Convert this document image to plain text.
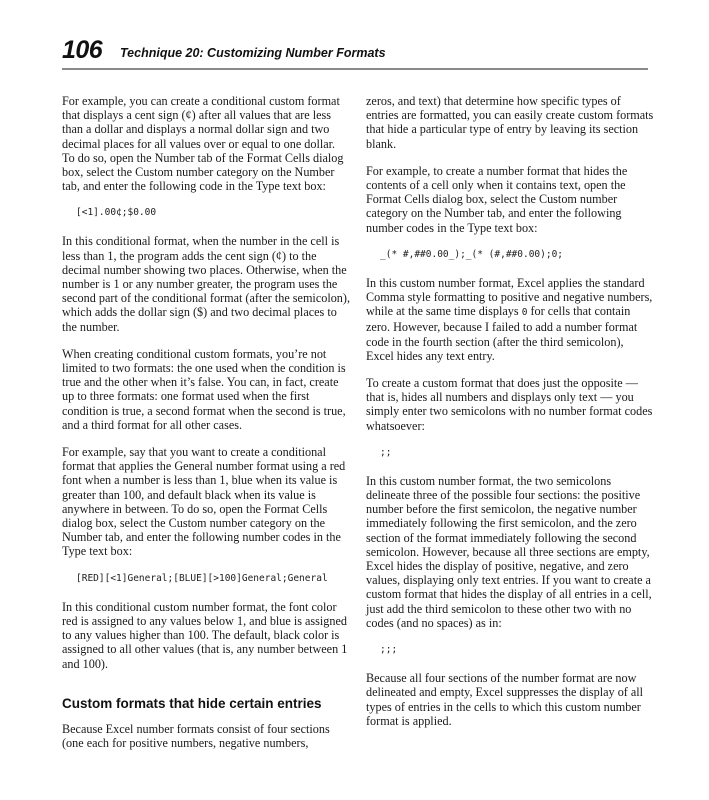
106 Technique 20: Customizing Number Formats

For example, you can create a conditional custom format that displays a cent sign (¢) after all values that are less than a dollar and displays a normal dollar sign and two decimal places for all values over or equal to one dollar. To do so, open the Number tab of the Format Cells dialog box, select the Custom number category on the Number tab, and enter the following code in the Type text box:

[<1].00¢;$0.00

In this conditional format, when the number in the cell is less than 1, the program adds the cent sign (¢) to the decimal number showing two places. Otherwise, when the number is 1 or any number greater, the program uses the second part of the conditional format (after the semicolon), which adds the dollar sign ($) and two decimal places to the number.

When creating conditional custom formats, you’re not limited to two formats: the one used when the condition is true and the other when it’s false. You can, in fact, create up to three formats: one format used when the first condition is true, a second format when the second is true, and a third format for all other cases.

For example, say that you want to create a conditional format that applies the General number format using a red font when a number is less than 1, blue when its value is greater than 100, and default black when its value is anywhere in between. To do so, open the Format Cells dialog box, select the Custom number category on the Number tab, and enter the following number codes in the Type text box:

[RED][<1]General;[BLUE][>100]General;General

In this conditional custom number format, the font color red is assigned to any values below 1, and blue is assigned to any values higher than 100. The default, black color is assigned to all other values (that is, any number between 1 and 100).

Custom formats that hide certain entries

Because Excel number formats consist of four sections (one each for positive numbers, negative numbers,

zeros, and text) that determine how specific types of entries are formatted, you can easily create custom formats that hide a particular type of entry by leaving its section blank.

For example, to create a number format that hides the contents of a cell only when it contains text, open the Format Cells dialog box, select the Custom number category on the Number tab, and enter the following number codes in the Type text box:

_(* #,##0.00_);_(* (#,##0.00);0;

In this custom number format, Excel applies the standard Comma style formatting to positive and negative numbers, while at the same time displays 0 for cells that contain zero. However, because I failed to add a number format code in the fourth section (after the third semicolon), Excel hides any text entry.

To create a custom format that does just the opposite — that is, hides all numbers and displays only text — you simply enter two semicolons with no number format codes whatsoever:

;;

In this custom number format, the two semicolons delineate three of the possible four sections: the positive number before the first semicolon, the negative number immediately following the first semicolon, and the zero section of the format immediately following the second semicolon. However, because all three sections are empty, Excel hides the display of positive, negative, and zero values, displaying only text entries. If you want to create a custom format that hides the display of all entries in a cell, just add the third semicolon to these other two with no codes (and no spaces) as in:

;;;

Because all four sections of the number format are now delineated and empty, Excel suppresses the display of all types of entries in the cells to which this custom number format is applied.
